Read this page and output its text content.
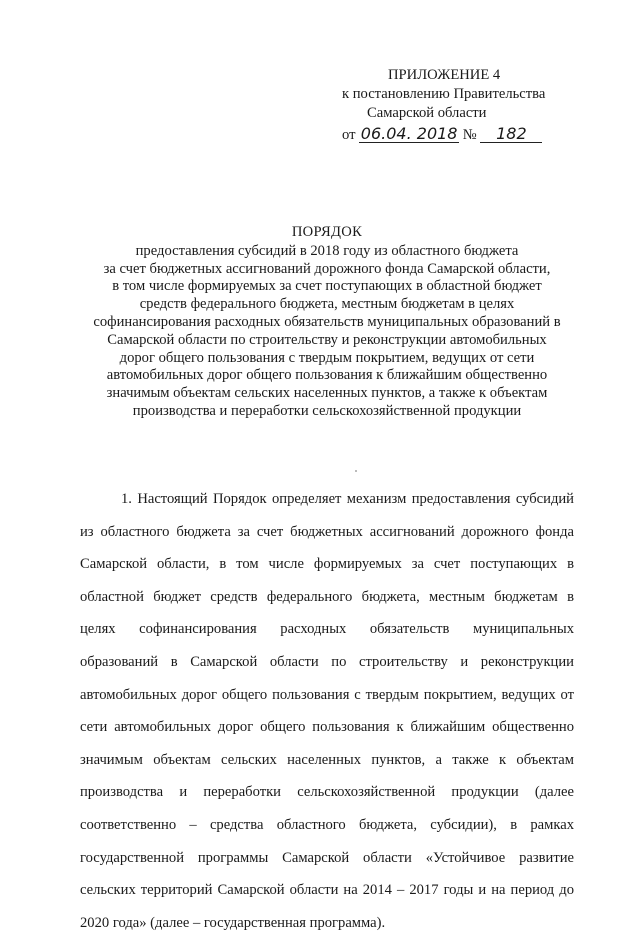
ПРИЛОЖЕНИЕ 4
к постановлению Правительства
Самарской области
от 06.04. 2018 № 182
ПОРЯДОК
предоставления субсидий в 2018 году из областного бюджета
за счет бюджетных ассигнований дорожного фонда Самарской области,
в том числе формируемых за счет поступающих в областной бюджет
средств федерального бюджета, местным бюджетам в целях
софинансирования расходных обязательств муниципальных образований в
Самарской области по строительству и реконструкции автомобильных
дорог общего пользования с твердым покрытием, ведущих от сети
автомобильных дорог общего пользования к ближайшим общественно
значимым объектам сельских населенных пунктов, а также к объектам
производства и переработки сельскохозяйственной продукции
1. Настоящий Порядок определяет механизм предоставления субсидий
из областного бюджета за счет бюджетных ассигнований дорожного фонда
Самарской области, в том числе формируемых за счет поступающих в
областной бюджет средств федерального бюджета, местным бюджетам в
целях софинансирования расходных обязательств муниципальных
образований в Самарской области по строительству и реконструкции
автомобильных дорог общего пользования с твердым покрытием, ведущих от
сети автомобильных дорог общего пользования к ближайшим общественно
значимым объектам сельских населенных пунктов, а также к объектам
производства и переработки сельскохозяйственной продукции (далее
соответственно – средства областного бюджета, субсидии), в рамках
государственной программы Самарской области «Устойчивое развитие
сельских территорий Самарской области на 2014 – 2017 годы и на период до
2020 года» (далее – государственная программа).
